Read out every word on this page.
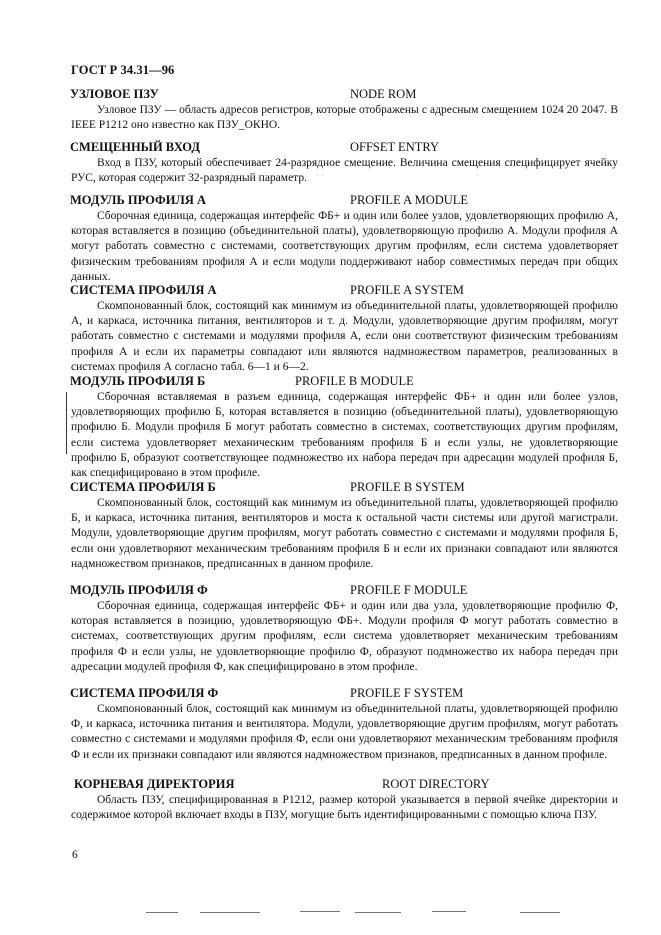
ГОСТ Р 34.31—96
УЗЛОВОЕ ПЗУ	NODE ROM

Узловое ПЗУ — область адресов регистров, которые отображены с адресным смещением 1024 20 2047. В IEEE P1212 оно известно как ПЗУ_ОКНО.

СМЕЩЕННЫЙ ВХОД	OFFSET ENTRY

Вход в ПЗУ, который обеспечивает 24-разрядное смещение. Величина смещения специфицирует ячейку РУС, которая содержит 32-разрядный параметр.

МОДУЛЬ ПРОФИЛЯ А	PROFILE A MODULE

Сборочная единица, содержащая интерфейс ФБ+ и один или более узлов, удовлетворяющих профилю А, которая вставляется в позицию (объединительной платы), удовлетворяющую профилю А. Модули профиля А могут работать совместно с системами, соответствующих другим профилям, если система удовлетворяет физическим требованиям профиля А и если модули поддерживают набор совместимых передач при общих данных.

СИСТЕМА ПРОФИЛЯ А	PROFILE A SYSTEM

Скомпонованный блок, состоящий как минимум из объединительной платы, удовлетворяющей профилю А, и каркаса, источника питания, вентиляторов и т. д. Модули, удовлетворяющие другим профилям, могут работать совместно с системами и модулями профиля А, если они соответствуют физическим требованиям профиля А и если их параметры совпадают или являются надмножеством параметров, реализованных в системах профиля А согласно табл. 6—1 и 6—2.

МОДУЛЬ ПРОФИЛЯ Б	PROFILE B MODULE

Сборочная вставляемая в разъем единица, содержащая интерфейс ФБ+ и один или более узлов, удовлетворяющих профилю Б, которая вставляется в позицию (объединительной платы), удовлетворяющую профилю Б. Модули профиля Б могут работать совместно в системах, соответствующих другим профилям, если система удовлетворяет механическим требованиям профиля Б и если узлы, не удовлетворяющие профилю Б, образуют соответствующее подмножество их набора передач при адресации модулей профиля Б, как специфицировано в этом профиле.

СИСТЕМА ПРОФИЛЯ Б	PROFILE B SYSTEM

Скомпонованный блок, состоящий как минимум из объединительной платы, удовлетворяющей профилю Б, и каркаса, источника питания, вентиляторов и моста к остальной части системы или другой магистрали. Модули, удовлетворяющие другим профилям, могут работать совместно с системами и модулями профиля Б, если они удовлетворяют механическим требованиям профиля Б и если их признаки совпадают или являются надмножеством признаков, предписанных в данном профиле.

МОДУЛЬ ПРОФИЛЯ Ф	PROFILE F MODULE

Сборочная единица, содержащая интерфейс ФБ+ и один или два узла, удовлетворяющие профилю Ф, которая вставляется в позицию, удовлетворяющую ФБ+. Модули профиля Ф могут работать совместно в системах, соответствующих другим профилям, если система удовлетворяет механическим требованиям профиля Ф и если узлы, не удовлетворяющие профилю Ф, образуют подмножество их набора передач при адресации модулей профиля Ф, как специфицировано в этом профиле.

СИСТЕМА ПРОФИЛЯ Ф	PROFILE F SYSTEM

Скомпонованный блок, состоящий как минимум из объединительной платы, удовлетворяющей профилю Ф, и каркаса, источника питания и вентилятора. Модули, удовлетворяющие другим профилям, могут работать совместно с системами и модулями профиля Ф, если они удовлетворяют механическим требованиям профиля Ф и если их признаки совпадают или являются надмножеством признаков, предписанных в данном профиле.

КОРНЕВАЯ ДИРЕКТОРИЯ	ROOT DIRECTORY

Область ПЗУ, специфицированная в P1212, размер которой указывается в первой ячейке директории и содержимое которой включает входы в ПЗУ, могущие быть идентифицированными с помощью ключа ПЗУ.

6
